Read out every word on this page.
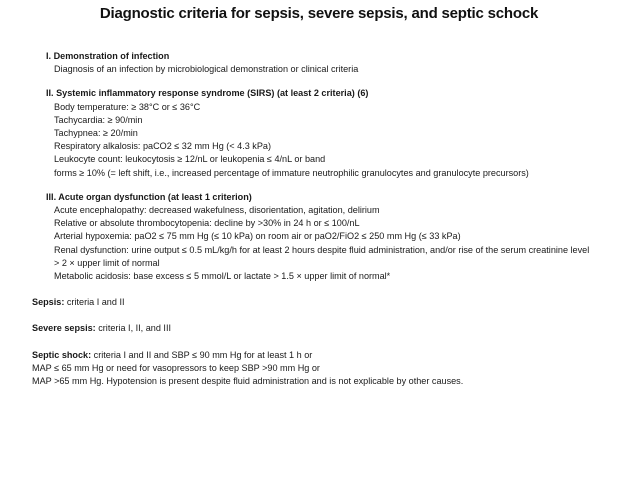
Diagnostic criteria for sepsis, severe sepsis, and septic schock
I. Demonstration of infection
Diagnosis of an infection by microbiological demonstration or clinical criteria
II. Systemic inflammatory response syndrome (SIRS) (at least 2 criteria) (6)
Body temperature: ≥ 38°C or ≤ 36°C
Tachycardia: ≥ 90/min
Tachypnea: ≥ 20/min
Respiratory alkalosis: paCO2 ≤ 32 mm Hg (< 4.3 kPa)
Leukocyte count: leukocytosis ≥ 12/nL or leukopenia ≤ 4/nL or band
forms ≥ 10% (= left shift, i.e., increased percentage of immature neutrophilic granulocytes and granulocyte precursors)
III. Acute organ dysfunction (at least 1 criterion)
Acute encephalopathy: decreased wakefulness, disorientation, agitation, delirium
Relative or absolute thrombocytopenia: decline by >30% in 24 h or ≤ 100/nL
Arterial hypoxemia: paO2 ≤ 75 mm Hg (≤ 10 kPa) on room air or paO2/FiO2 ≤ 250 mm Hg (≤ 33 kPa)
Renal dysfunction: urine output ≤ 0.5 mL/kg/h for at least 2 hours despite fluid administration, and/or rise of the serum creatinine level
> 2 × upper limit of normal
Metabolic acidosis: base excess ≤ 5 mmol/L or lactate > 1.5 × upper limit of normal*
Sepsis: criteria I and II
Severe sepsis: criteria I, II, and III
Septic shock: criteria I and II and SBP ≤ 90 mm Hg for at least 1 h or
MAP ≤ 65 mm Hg or need for vasopressors to keep SBP >90 mm Hg or
MAP >65 mm Hg. Hypotension is present despite fluid administration and is not explicable by other causes.
